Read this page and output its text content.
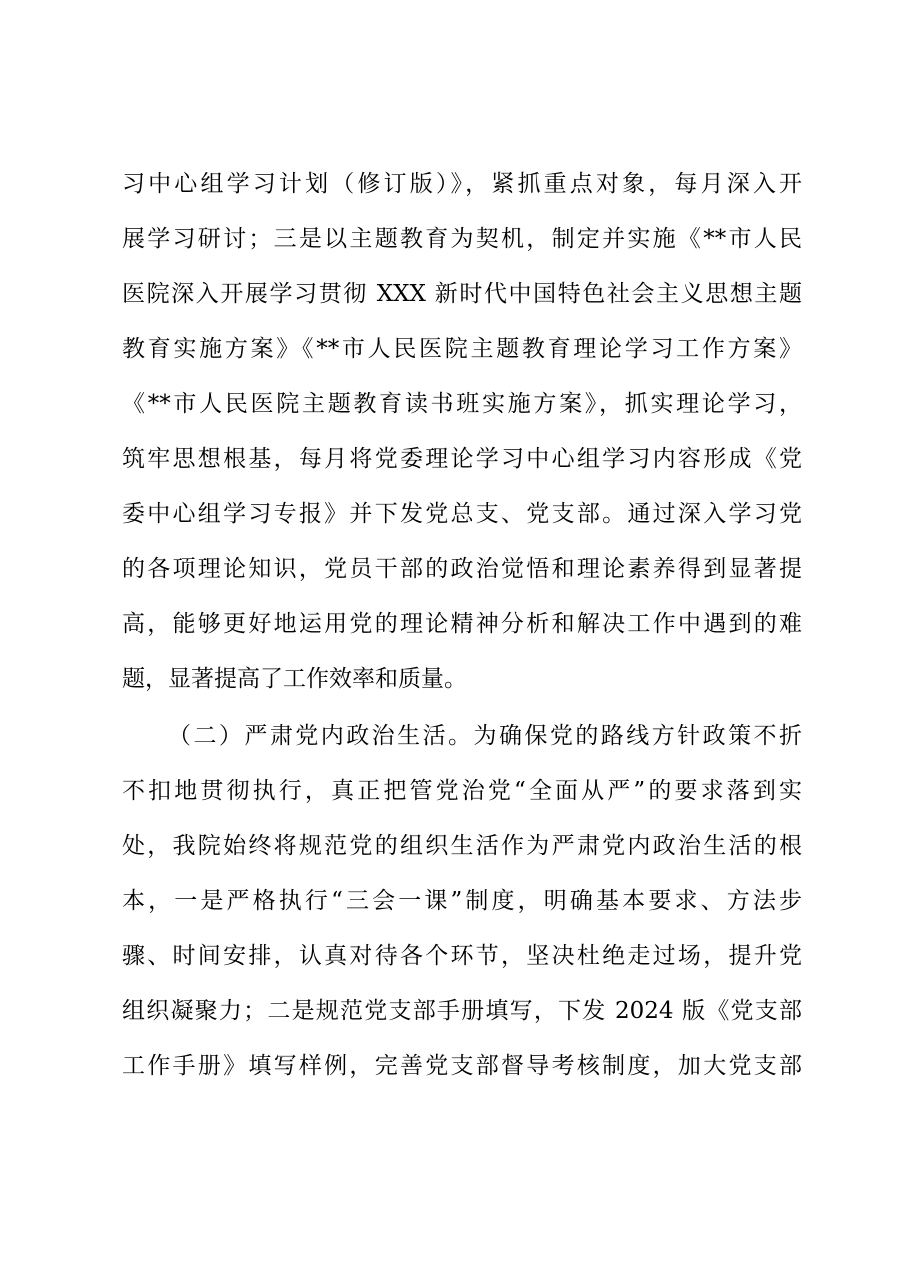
习中心组学习计划（修订版）》，紧抓重点对象，每月深入开
展学习研讨；三是以主题教育为契机，制定并实施《**市人民
医院深入开展学习贯彻 XXX 新时代中国特色社会主义思想主题
教育实施方案》《**市人民医院主题教育理论学习工作方案》
《**市人民医院主题教育读书班实施方案》，抓实理论学习，
筑牢思想根基，每月将党委理论学习中心组学习内容形成《党
委中心组学习专报》并下发党总支、党支部。通过深入学习党
的各项理论知识，党员干部的政治觉悟和理论素养得到显著提
高，能够更好地运用党的理论精神分析和解决工作中遇到的难
题，显著提高了工作效率和质量。
（二）严肃党内政治生活。为确保党的路线方针政策不折
不扣地贯彻执行，真正把管党治党“全面从严”的要求落到实
处，我院始终将规范党的组织生活作为严肃党内政治生活的根
本，一是严格执行“三会一课”制度，明确基本要求、方法步
骤、时间安排，认真对待各个环节，坚决杜绝走过场，提升党
组织凝聚力；二是规范党支部手册填写，下发 2024 版《党支部
工作手册》填写样例，完善党支部督导考核制度，加大党支部
